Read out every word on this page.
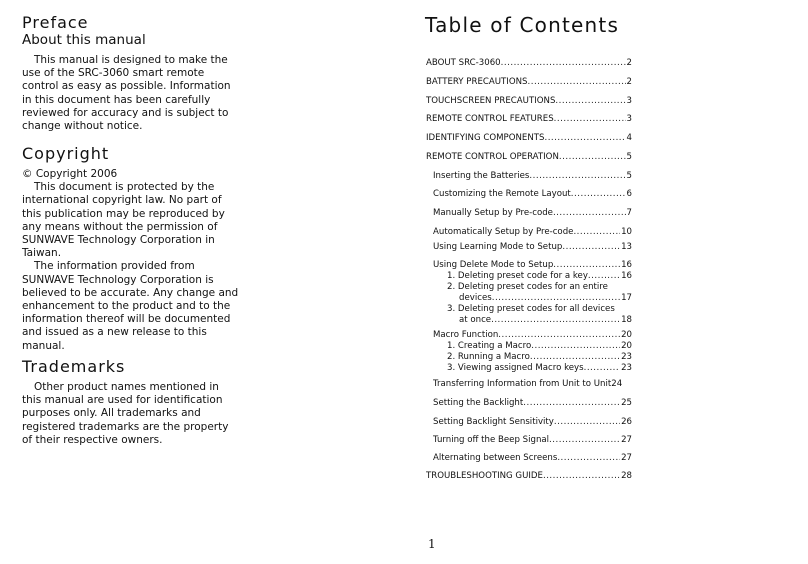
Preface
About this manual
This manual is designed to make the
use of the SRC-3060 smart remote
control as easy as possible. Information
in this document has been carefully
reviewed for accuracy and is subject to
change without notice.
Copyright
© Copyright 2006
This document is protected by the
international copyright law. No part of
this publication may be reproduced by
any means without the permission of
SUNWAVE Technology Corporation in
Taiwan.
The information provided from
SUNWAVE Technology Corporation is
believed to be accurate. Any change and
enhancement to the product and to the
information thereof will be documented
and issued as a new release to this
manual.
Trademarks
Other product names mentioned in
this manual are used for identification
purposes only. All trademarks and
registered trademarks are the property
of their respective owners.
Table of Contents
ABOUT SRC-3060 .....	2
BATTERY PRECAUTIONS .....	2
TOUCHSCREEN PRECAUTIONS .....	3
REMOTE CONTROL FEATURES .....	3
IDENTIFYING COMPONENTS .....	4
REMOTE CONTROL OPERATION .....	5
Inserting the Batteries .....	5
Customizing the Remote Layout .....	6
Manually Setup by Pre-code .....	7
Automatically Setup by Pre-code .....	10
Using Learning Mode to Setup .....	13
Using Delete Mode to Setup .....	16
1. Deleting preset code for a key .....	16
2. Deleting preset codes for an entire
devices .....	17
3. Deleting preset codes for all devices
at once .....	18
Macro Function .....	20
1. Creating a Macro .....	20
2. Running a Macro .....	23
3. Viewing assigned Macro keys .....	23
Transferring Information from Unit to Unit 24
Setting the Backlight .....	25
Setting Backlight Sensitivity .....	26
Turning off the Beep Signal .....	27
Alternating between Screens .....	27
TROUBLESHOOTING GUIDE .....	28
1
